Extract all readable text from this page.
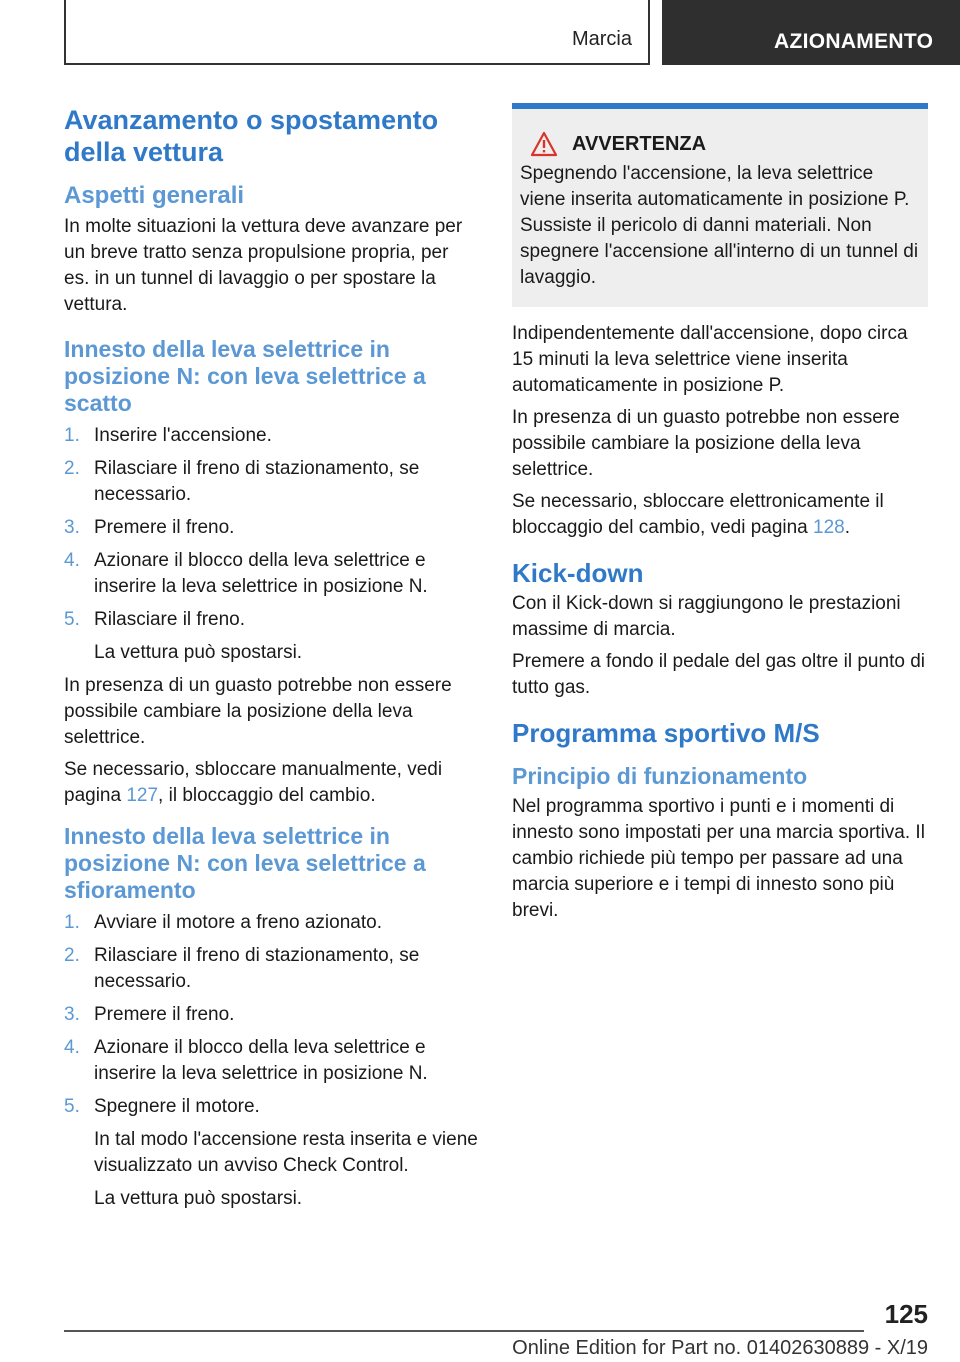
Marcia	AZIONAMENTO
Avanzamento o spostamento della vettura
Aspetti generali

In molte situazioni la vettura deve avanzare per un breve tratto senza propulsione propria, per es. in un tunnel di lavaggio o per spostare la vettura.

Innesto della leva selettrice in posizione N: con leva selettrice a scatto
1. Inserire l'accensione.
2. Rilasciare il freno di stazionamento, se necessario.
3. Premere il freno.
4. Azionare il blocco della leva selettrice e inserire la leva selettrice in posizione N.
5. Rilasciare il freno.
La vettura può spostarsi.

In presenza di un guasto potrebbe non essere possibile cambiare la posizione della leva selettrice.

Se necessario, sbloccare manualmente, vedi pagina 127, il bloccaggio del cambio.

Innesto della leva selettrice in posizione N: con leva selettrice a sfioramento
1. Avviare il motore a freno azionato.
2. Rilasciare il freno di stazionamento, se necessario.
3. Premere il freno.
4. Azionare il blocco della leva selettrice e inserire la leva selettrice in posizione N.
5. Spegnere il motore.
In tal modo l'accensione resta inserita e viene visualizzato un avviso Check Control.
La vettura può spostarsi.
AVVERTENZA

Spegnendo l'accensione, la leva selettrice viene inserita automaticamente in posizione P. Sussiste il pericolo di danni materiali. Non spegnere l'accensione all'interno di un tunnel di lavaggio.

Indipendentemente dall'accensione, dopo circa 15 minuti la leva selettrice viene inserita automaticamente in posizione P.

In presenza di un guasto potrebbe non essere possibile cambiare la posizione della leva selettrice.

Se necessario, sbloccare elettronicamente il bloccaggio del cambio, vedi pagina 128.

Kick-down

Con il Kick-down si raggiungono le prestazioni massime di marcia.

Premere a fondo il pedale del gas oltre il punto di tutto gas.

Programma sportivo M/S
Principio di funzionamento

Nel programma sportivo i punti e i momenti di innesto sono impostati per una marcia sportiva. Il cambio richiede più tempo per passare ad una marcia superiore e i tempi di innesto sono più brevi.

125
Online Edition for Part no. 01402630889 - X/19
